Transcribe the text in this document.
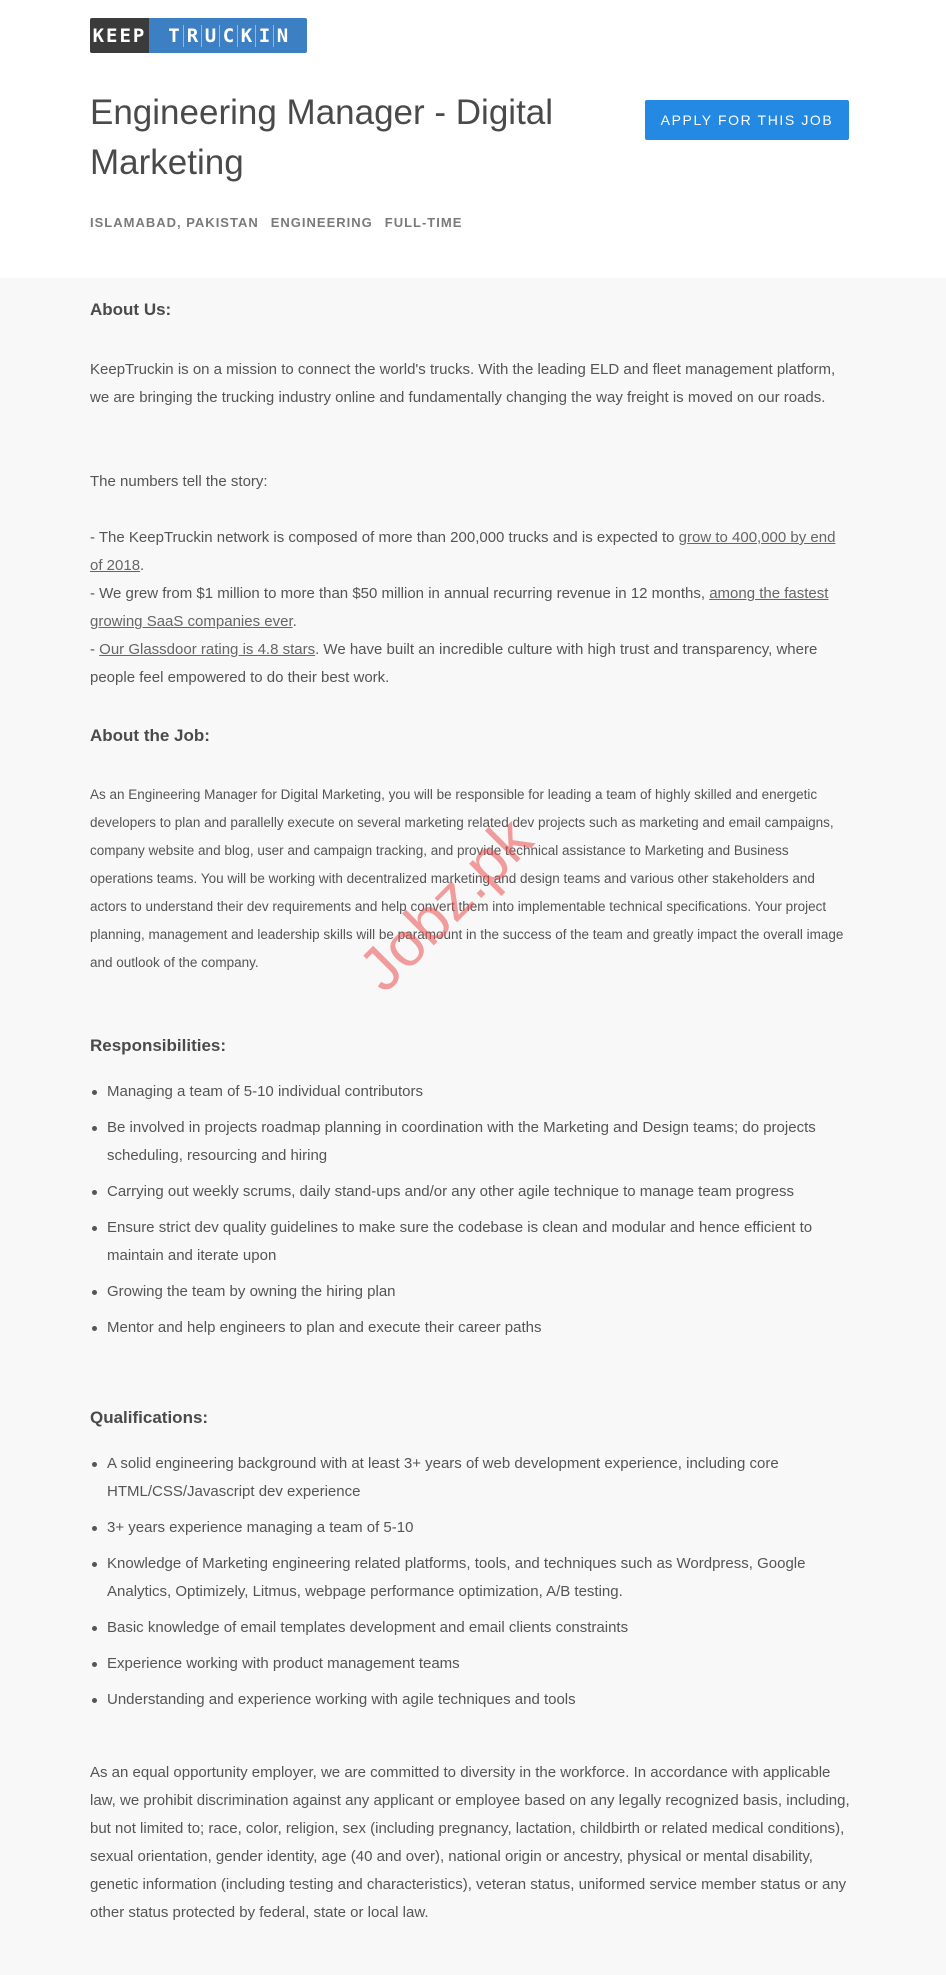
KEEP T R U C K I N
Engineering Manager - Digital Marketing
APPLY FOR THIS JOB
ISLAMABAD, PAKISTAN ENGINEERING FULL-TIME
About Us:

KeepTruckin is on a mission to connect the world's trucks. With the leading ELD and fleet management platform, we are bringing the trucking industry online and fundamentally changing the way freight is moved on our roads.

The numbers tell the story:

- The KeepTruckin network is composed of more than 200,000 trucks and is expected to grow to 400,000 by end of 2018.
- We grew from $1 million to more than $50 million in annual recurring revenue in 12 months, among the fastest growing SaaS companies ever.
- Our Glassdoor rating is 4.8 stars. We have built an incredible culture with high trust and transparency, where people feel empowered to do their best work.

About the Job:

As an Engineering Manager for Digital Marketing, you will be responsible for leading a team of highly skilled and energetic developers to plan and parallelly execute on several marketing related dev projects such as marketing and email campaigns, company website and blog, user and campaign tracking, and provide technical assistance to Marketing and Business operations teams. You will be working with decentralized marketing and design teams and various other stakeholders and actors to understand their dev requirements and help convert them into implementable technical specifications. Your project planning, management and leadership skills will be paramount in the success of the team and greatly impact the overall image and outlook of the company.

Responsibilities:
Managing a team of 5-10 individual contributors
Be involved in projects roadmap planning in coordination with the Marketing and Design teams; do projects scheduling, resourcing and hiring
Carrying out weekly scrums, daily stand-ups and/or any other agile technique to manage team progress
Ensure strict dev quality guidelines to make sure the codebase is clean and modular and hence efficient to maintain and iterate upon
Growing the team by owning the hiring plan
Mentor and help engineers to plan and execute their career paths
Qualifications:
A solid engineering background with at least 3+ years of web development experience, including core HTML/CSS/Javascript dev experience
3+ years experience managing a team of 5-10
Knowledge of Marketing engineering related platforms, tools, and techniques such as Wordpress, Google Analytics, Optimizely, Litmus, webpage performance optimization, A/B testing.
Basic knowledge of email templates development and email clients constraints
Experience working with product management teams
Understanding and experience working with agile techniques and tools

As an equal opportunity employer, we are committed to diversity in the workforce. In accordance with applicable law, we prohibit discrimination against any applicant or employee based on any legally recognized basis, including, but not limited to; race, color, religion, sex (including pregnancy, lactation, childbirth or related medical conditions), sexual orientation, gender identity, age (40 and over), national origin or ancestry, physical or mental disability, genetic information (including testing and characteristics), veteran status, uniformed service member status or any other status protected by federal, state or local law.

Jobz.pk
